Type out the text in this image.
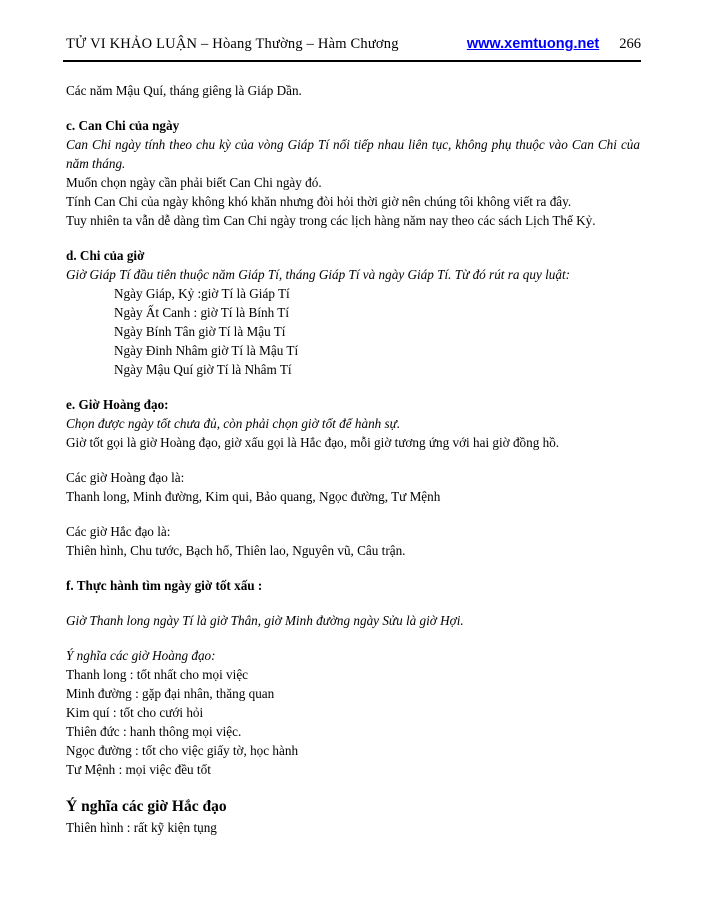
TỬ VI KHẢO LUẬN – Hòang Thường – Hàm Chương	www.xemtuong.net 266

Các năm Mậu Quí, tháng giêng là Giáp Dần.

c. Can Chi của ngày

Can Chi ngày tính theo chu kỳ của vòng Giáp Tí nối tiếp nhau liên tục, không phụ thuộc vào Can Chi của năm tháng.

Muốn chọn ngày cần phải biết Can Chi ngày đó.

Tính Can Chi của ngày không khó khăn nhưng đòi hỏi thời giờ nên chúng tôi không viết ra đây.

Tuy nhiên ta vẫn dễ dàng tìm Can Chi ngày trong các lịch hàng năm nay theo các sách Lịch Thế Kỷ.

d. Chi của giờ

Giờ Giáp Tí đầu tiên thuộc năm Giáp Tí, tháng Giáp Tí và ngày Giáp Tí. Từ đó rút ra quy luật:

Ngày Giáp, Kỷ :giờ Tí là Giáp Tí

Ngày Ất Canh : giờ Tí là Bính Tí

Ngày Bính Tân giờ Tí là Mậu Tí

Ngày Đinh Nhâm giờ Tí là Mậu Tí

Ngày Mậu Quí giờ Tí là Nhâm Tí

e. Giờ Hoàng đạo:

Chọn được ngày tốt chưa đủ, còn phải chọn giờ tốt để hành sự.

Giờ tốt gọi là giờ Hoàng đạo, giờ xấu gọi là Hắc đạo, mỗi giờ tương ứng với hai giờ đồng hồ.

Các giờ Hoàng đạo là:

Thanh long, Minh đường, Kim qui, Bảo quang, Ngọc đường, Tư Mệnh

Các giờ Hắc đạo là:

Thiên hình, Chu tước, Bạch hổ, Thiên lao, Nguyên vũ, Câu trận.

f. Thực hành tìm ngày giờ tốt xấu :

Giờ Thanh long ngày Tí là giờ Thân, giờ Minh đường ngày Sửu là giờ Hợi.

Ý nghĩa các giờ Hoàng đạo:

Thanh long : tốt nhất cho mọi việc

Minh đường : gặp đại nhân, thăng quan

Kim quí : tốt cho cưới hỏi

Thiên đức : hanh thông mọi việc.

Ngọc đường : tốt cho việc giấy tờ, học hành

Tư Mệnh : mọi việc đều tốt

Ý nghĩa các giờ Hắc đạo

Thiên hình : rất kỹ kiện tụng
